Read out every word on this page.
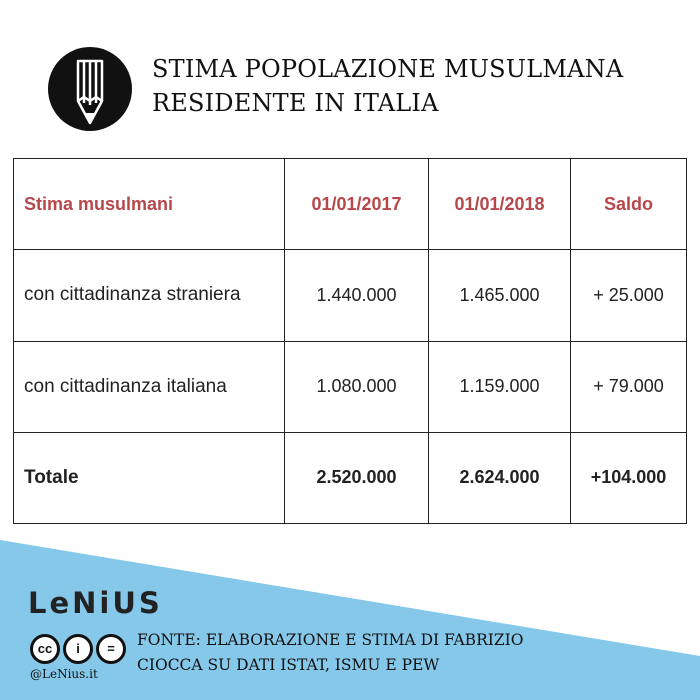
STIMA POPOLAZIONE MUSULMANA
RESIDENTE IN ITALIA
Stima musulmani	01/01/2017	01/01/2018	Saldo
con cittadinanza straniera	1.440.000	1.465.000	+ 25.000
con cittadinanza italiana	1.080.000	1.159.000	+ 79.000
Totale	2.520.000	2.624.000	+104.000
LeNiUS
cc	i	=
@LeNius.it
FONTE: ELABORAZIONE E STIMA DI FABRIZIO
CIOCCA SU DATI ISTAT, ISMU E PEW
